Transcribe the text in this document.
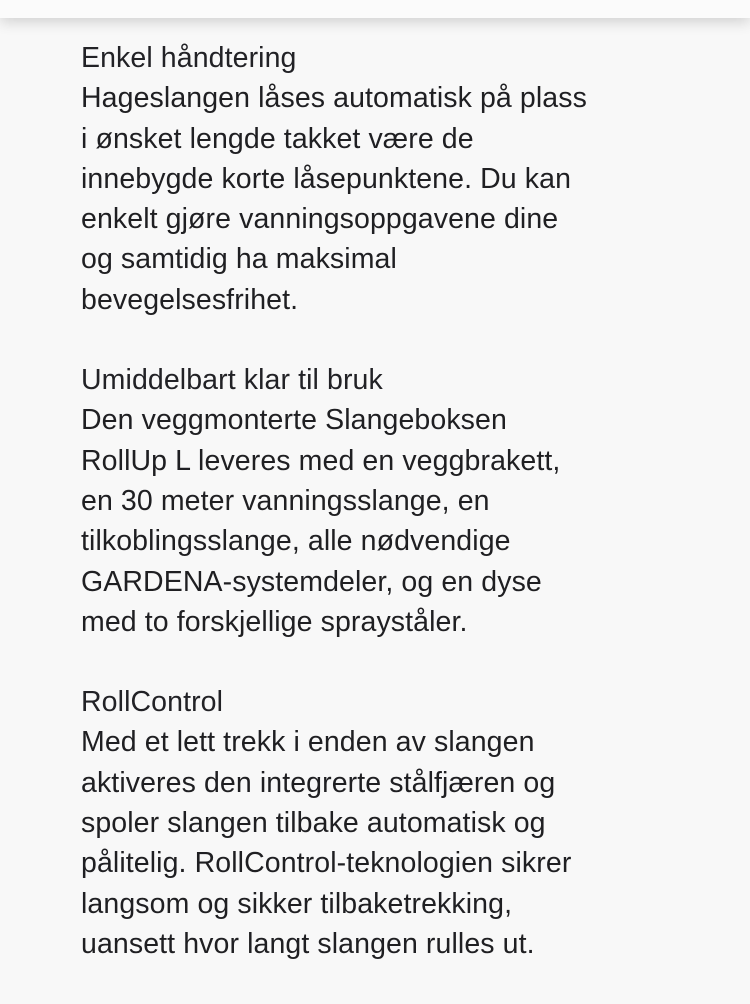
Enkel håndtering

Hageslangen låses automatisk på plass
i ønsket lengde takket være de
innebygde korte låsepunktene. Du kan
enkelt gjøre vanningsoppgavene dine
og samtidig ha maksimal
bevegelsesfrihet.

Umiddelbart klar til bruk

Den veggmonterte Slangeboksen
RollUp L leveres med en veggbrakett,
en 30 meter vanningsslange, en
tilkoblingsslange, alle nødvendige
GARDENA-systemdeler, og en dyse
med to forskjellige sprayståler.

RollControl

Med et lett trekk i enden av slangen
aktiveres den integrerte stålfjæren og
spoler slangen tilbake automatisk og
pålitelig. RollControl-teknologien sikrer
langsom og sikker tilbaketrekking,
uansett hvor langt slangen rulles ut.
